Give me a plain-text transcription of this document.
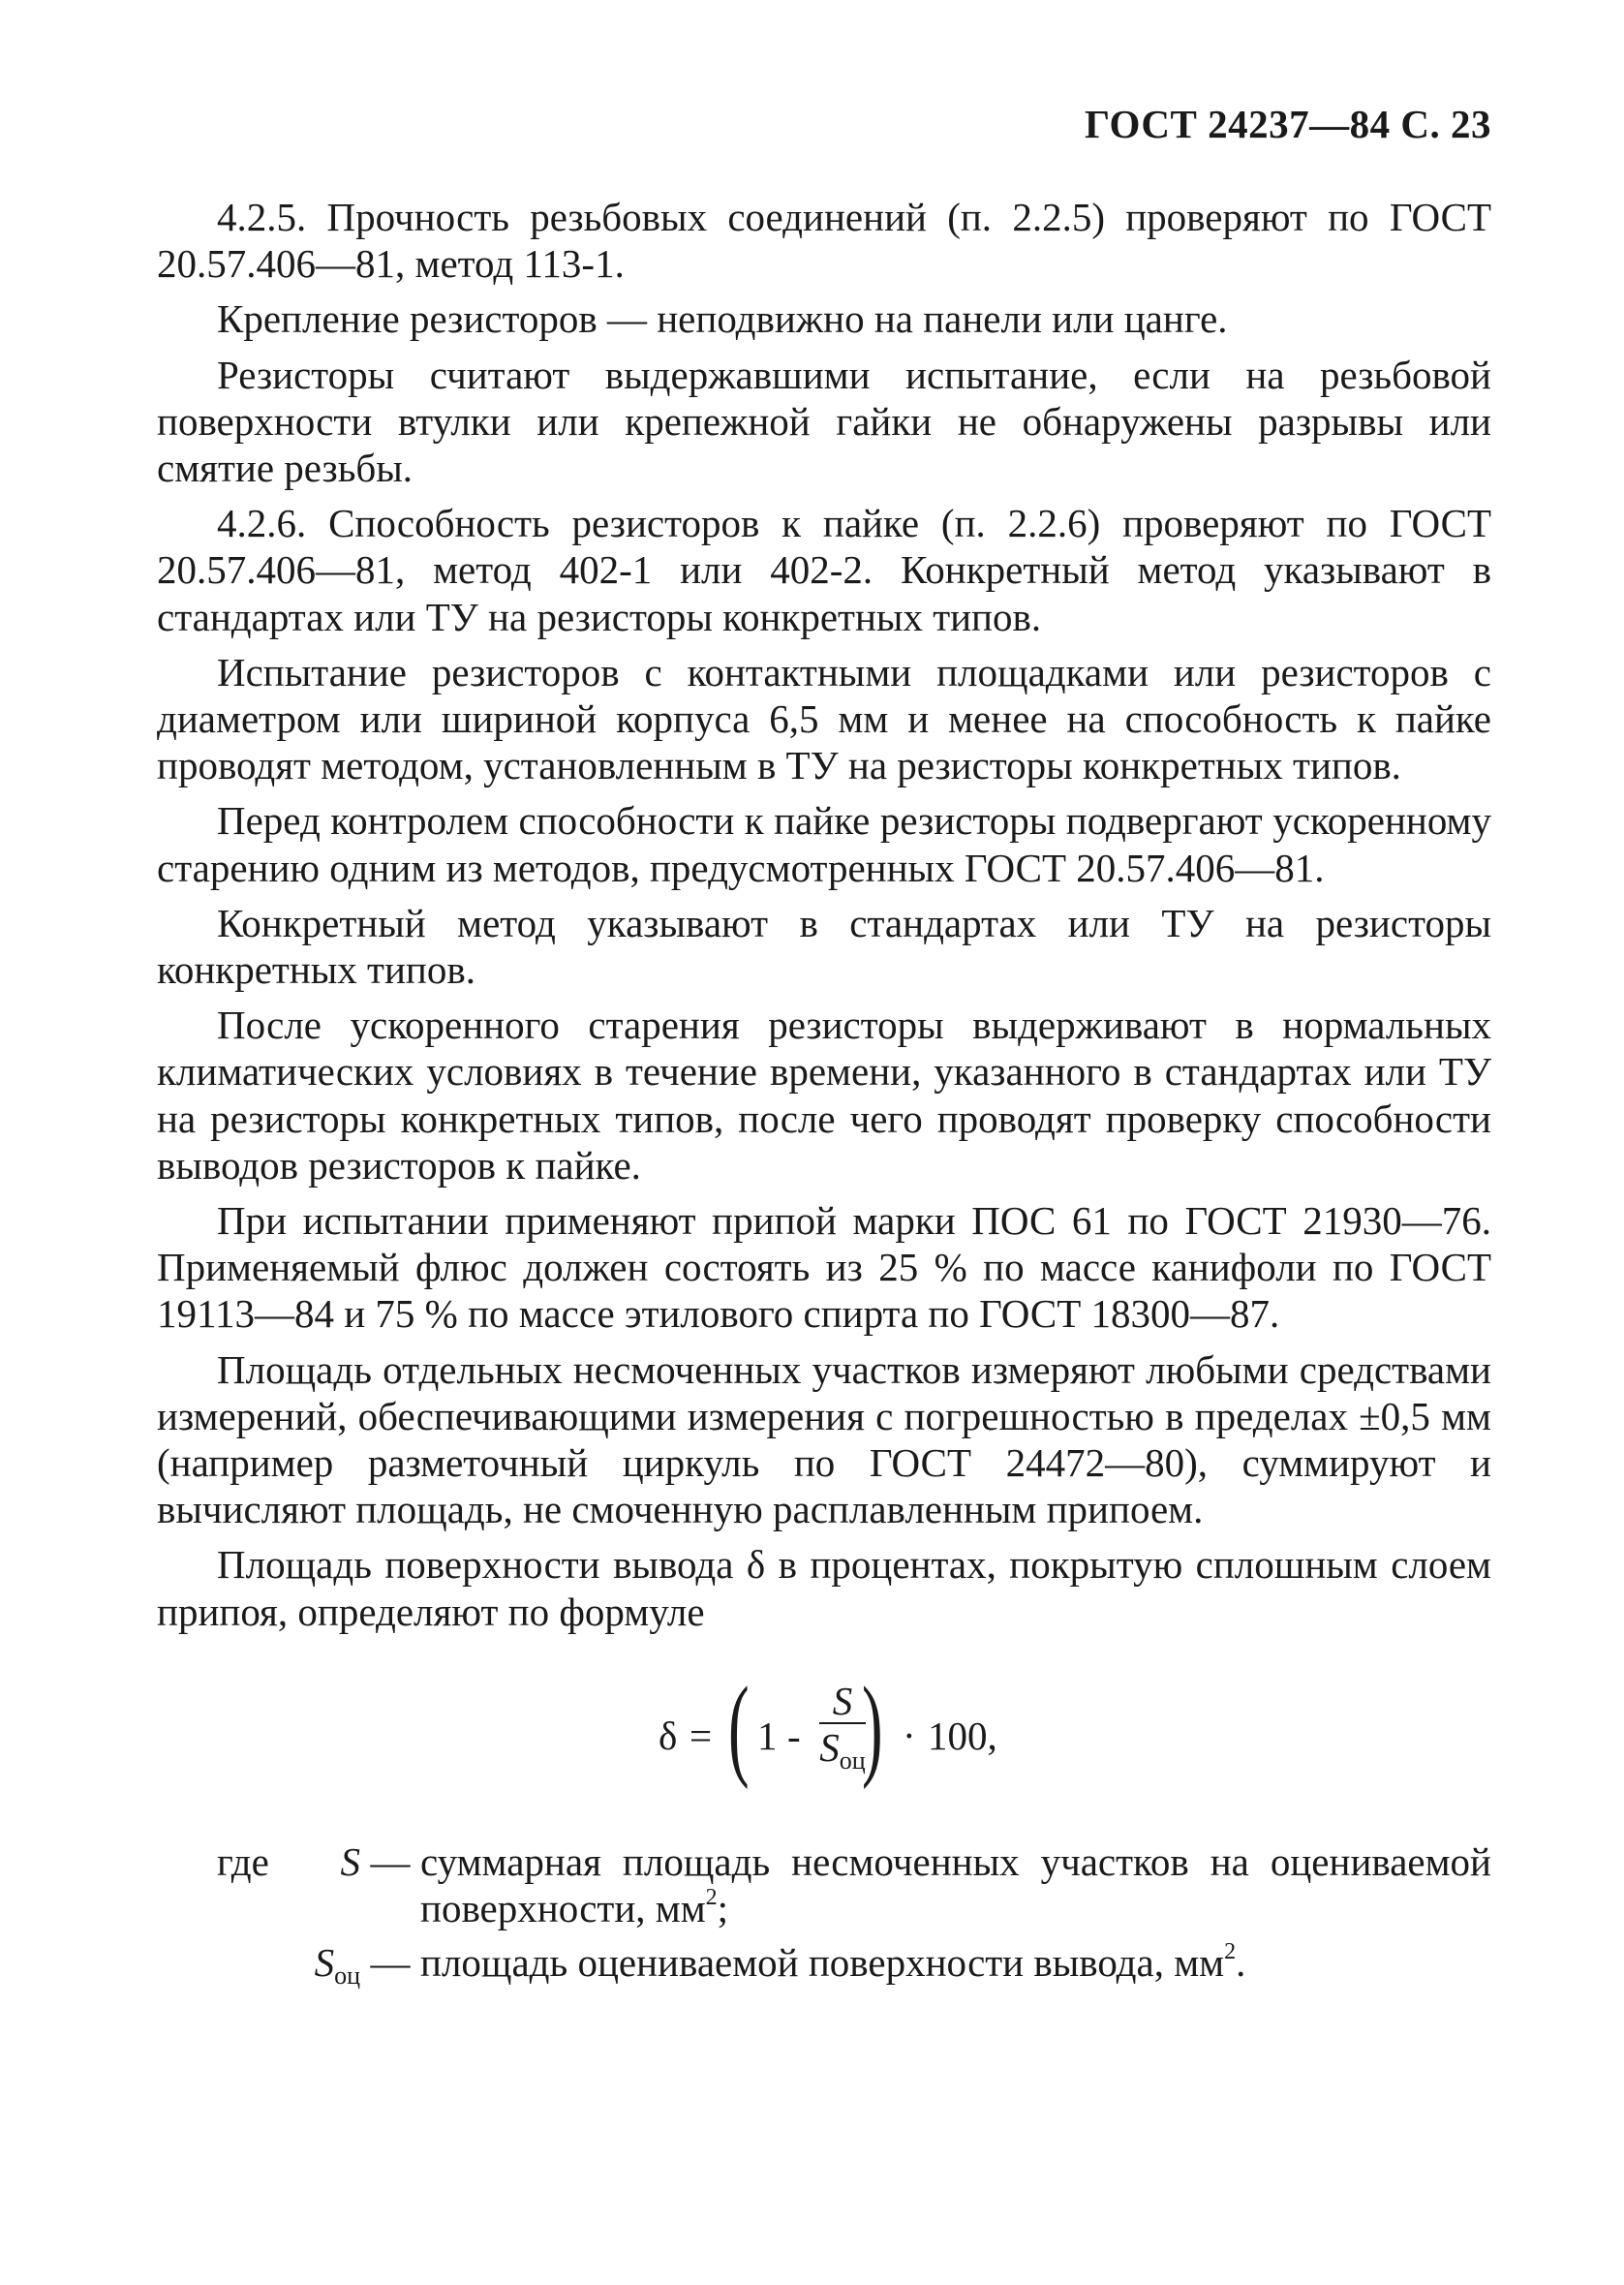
ГОСТ 24237—84 С. 23

4.2.5. Прочность резьбовых соединений (п. 2.2.5) проверяют по ГОСТ 20.57.406—81, метод 113-1.

Крепление резисторов — неподвижно на панели или цанге.

Резисторы считают выдержавшими испытание, если на резьбовой поверхности втулки или крепежной гайки не обнаружены разрывы или смятие резьбы.

4.2.6. Способность резисторов к пайке (п. 2.2.6) проверяют по ГОСТ 20.57.406—81, метод 402-1 или 402-2. Конкретный метод указывают в стандартах или ТУ на резисторы конкретных типов.

Испытание резисторов с контактными площадками или резисторов с диаметром или шириной корпуса 6,5 мм и менее на способность к пайке проводят методом, установленным в ТУ на резисторы конкретных типов.

Перед контролем способности к пайке резисторы подвергают ускоренному старению одним из методов, предусмотренных ГОСТ 20.57.406—81.

Конкретный метод указывают в стандартах или ТУ на резисторы конкретных типов.

После ускоренного старения резисторы выдерживают в нормальных климатических условиях в течение времени, указанного в стандартах или ТУ на резисторы конкретных типов, после чего проводят проверку способности выводов резисторов к пайке.

При испытании применяют припой марки ПОС 61 по ГОСТ 21930—76. Применяемый флюс должен состоять из 25 % по массе канифоли по ГОСТ 19113—84 и 75 % по массе этилового спирта по ГОСТ 18300—87.

Площадь отдельных несмоченных участков измеряют любыми средствами измерений, обеспечивающими измерения с погрешностью в пределах ±0,5 мм (например разметочный циркуль по ГОСТ 24472—80), суммируют и вычисляют площадь, не смоченную расплавленным припоем.

Площадь поверхности вывода δ в процентах, покрытую сплошным слоем припоя, определяют по формуле

δ = ( 1 -
S
$S_{оц}$
) · 100,
где	S — суммарная площадь несмоченных участков на оцениваемой поверхности, $мм^2$;
$S_{оц}$ — площадь оцениваемой поверхности вывода, $мм^2$.
